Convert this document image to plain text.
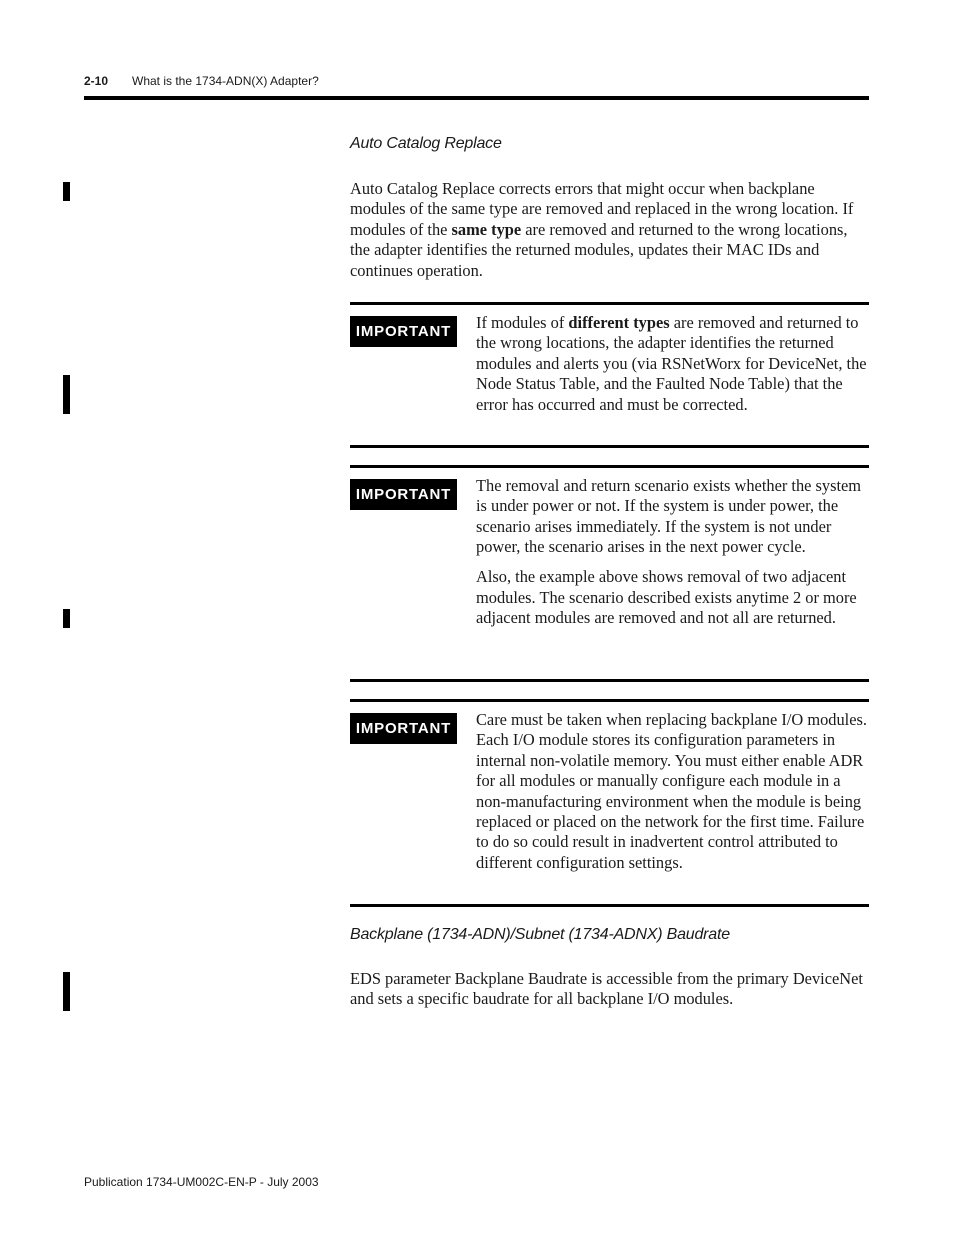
2-10 What is the 1734-ADN(X) Adapter?
Auto Catalog Replace

Auto Catalog Replace corrects errors that might occur when backplane modules of the same type are removed and replaced in the wrong location. If modules of the same type are removed and returned to the wrong locations, the adapter identifies the returned modules, updates their MAC IDs and continues operation.

IMPORTANT	If modules of different types are removed and returned to the wrong locations, the adapter identifies the returned modules and alerts you (via RSNetWorx for DeviceNet, the Node Status Table, and the Faulted Node Table) that the error has occurred and must be corrected.

IMPORTANT	The removal and return scenario exists whether the system is under power or not. If the system is under power, the scenario arises immediately. If the system is not under power, the scenario arises in the next power cycle.

Also, the example above shows removal of two adjacent modules. The scenario described exists anytime 2 or more adjacent modules are removed and not all are returned.

IMPORTANT	Care must be taken when replacing backplane I/O modules. Each I/O module stores its configuration parameters in internal non-volatile memory. You must either enable ADR for all modules or manually configure each module in a non-manufacturing environment when the module is being replaced or placed on the network for the first time. Failure to do so could result in inadvertent control attributed to different configuration settings.

Backplane (1734-ADN)/Subnet (1734-ADNX) Baudrate

EDS parameter Backplane Baudrate is accessible from the primary DeviceNet and sets a specific baudrate for all backplane I/O modules.

Publication 1734-UM002C-EN-P - July 2003
